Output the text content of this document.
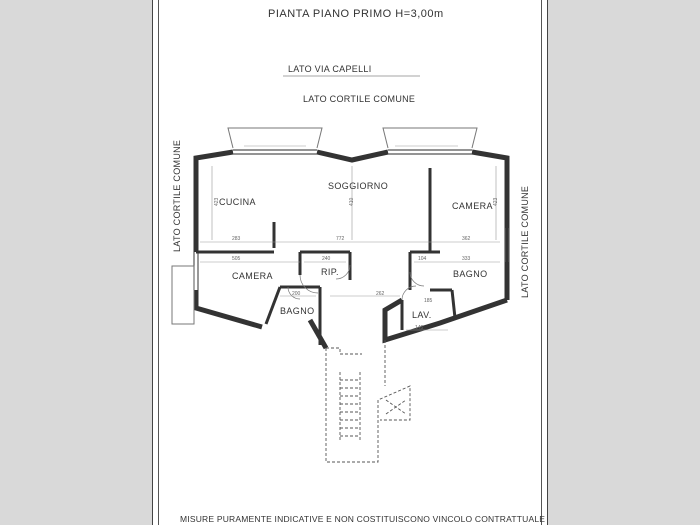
PIANTA PIANO PRIMO H=3,00m
LATO VIA CAPELLI
LATO CORTILE COMUNE
LATO CORTILE COMUNE	LATO CORTILE COMUNE
CUCINA
SOGGIORNO
CAMERA
CAMERA	RIP.	BAGNO
BAGNO	LAV.
283	772	362
505	240	104	333
200	262
185
145
423	410	423
MISURE PURAMENTE INDICATIVE E NON COSTITUISCONO VINCOLO CONTRATTUALE
